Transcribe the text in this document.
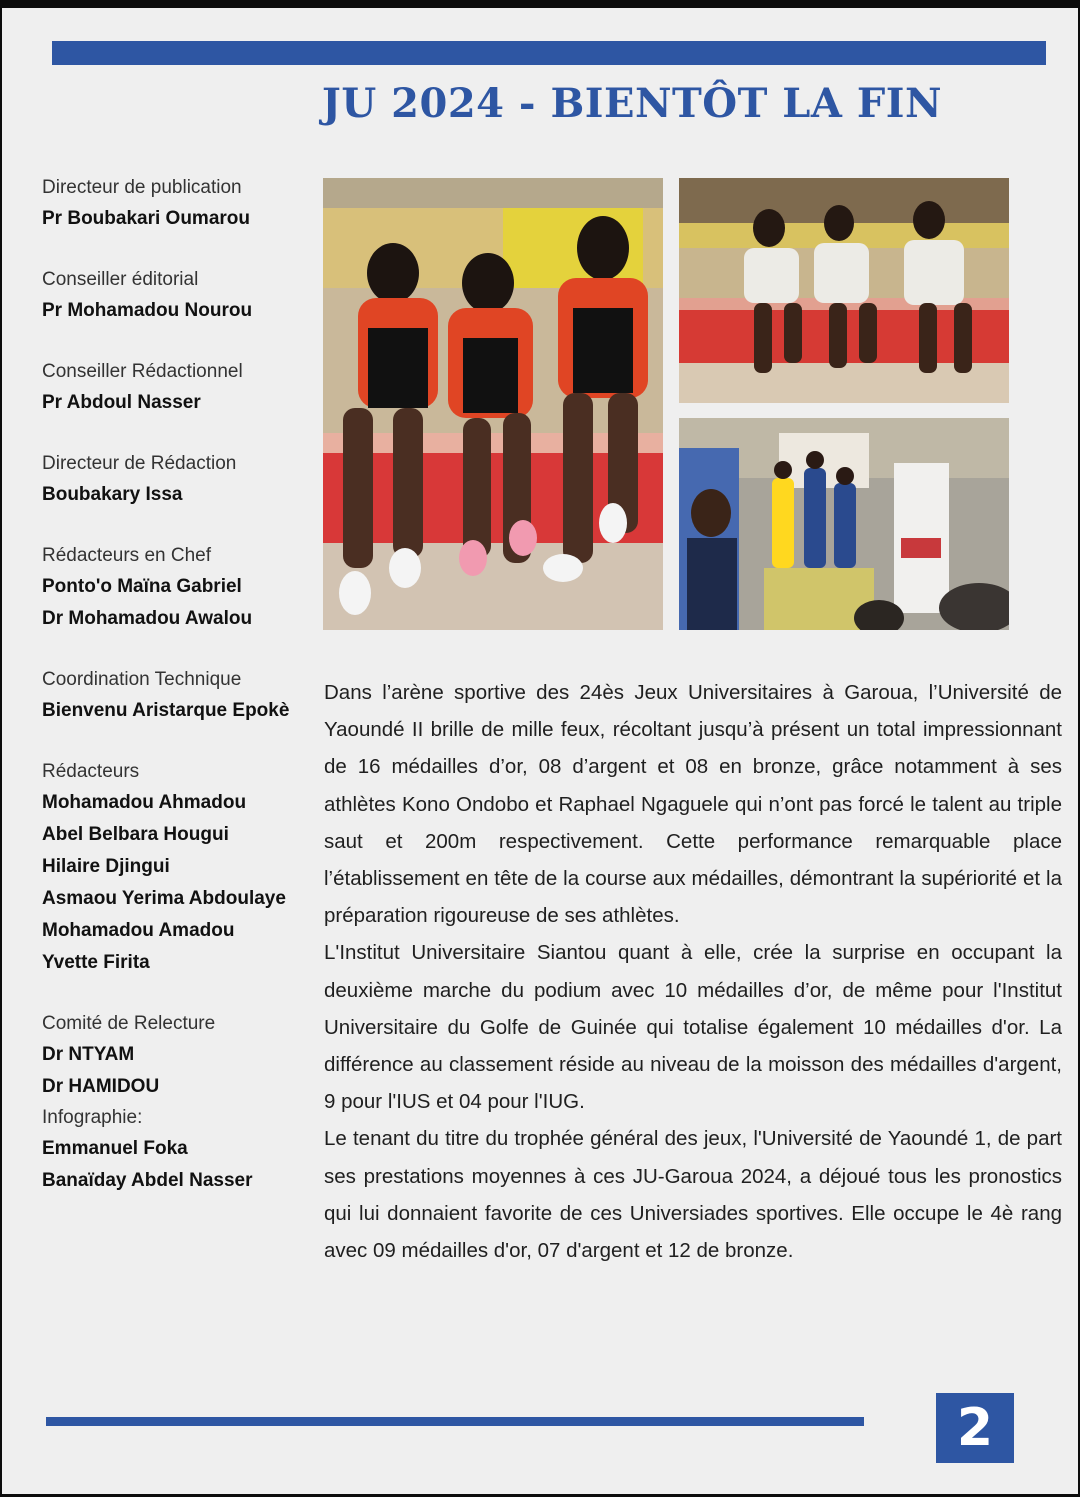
JU 2024 - BIENTÔT LA FIN

Directeur de publication

Pr Boubakari Oumarou

Conseiller éditorial

Pr Mohamadou Nourou

Conseiller Rédactionnel

Pr Abdoul Nasser

Directeur de Rédaction

Boubakary Issa

Rédacteurs en Chef

Ponto'o Maïna Gabriel

Dr Mohamadou Awalou

Coordination Technique

Bienvenu Aristarque Epokè

Rédacteurs

Mohamadou Ahmadou

Abel Belbara Hougui

Hilaire Djingui

Asmaou Yerima Abdoulaye

Mohamadou Amadou

Yvette Firita

Comité de Relecture

Dr NTYAM

Dr HAMIDOU

Infographie:

Emmanuel Foka

Banaïday Abdel Nasser

Dans l’arène sportive des 24ès Jeux Universitaires à Garoua, l’Université de Yaoundé II brille de mille feux, récoltant jusqu’à présent un total impressionnant de 16 médailles d’or, 08 d’argent et 08 en bronze, grâce notamment à ses athlètes Kono Ondobo et Raphael Ngaguele qui n’ont pas forcé le talent au triple saut et 200m respectivement. Cette performance remarquable place l’établissement en tête de la course aux médailles, démontrant la supériorité et la préparation rigoureuse de ses athlètes.

L'Institut Universitaire Siantou quant à elle, crée la surprise en occupant la deuxième marche du podium avec 10 médailles d’or, de même pour l'Institut Universitaire du Golfe de Guinée qui totalise également 10 médailles d'or. La différence au classement réside au niveau de la moisson des médailles d'argent, 9 pour l'IUS et 04 pour l'IUG.

Le tenant du titre du trophée général des jeux, l'Université de Yaoundé 1, de part ses prestations moyennes à ces JU-Garoua 2024, a déjoué tous les pronostics qui lui donnaient favorite de ces Universiades sportives. Elle occupe le 4è rang avec 09 médailles d'or, 07 d'argent et 12 de bronze.

2
